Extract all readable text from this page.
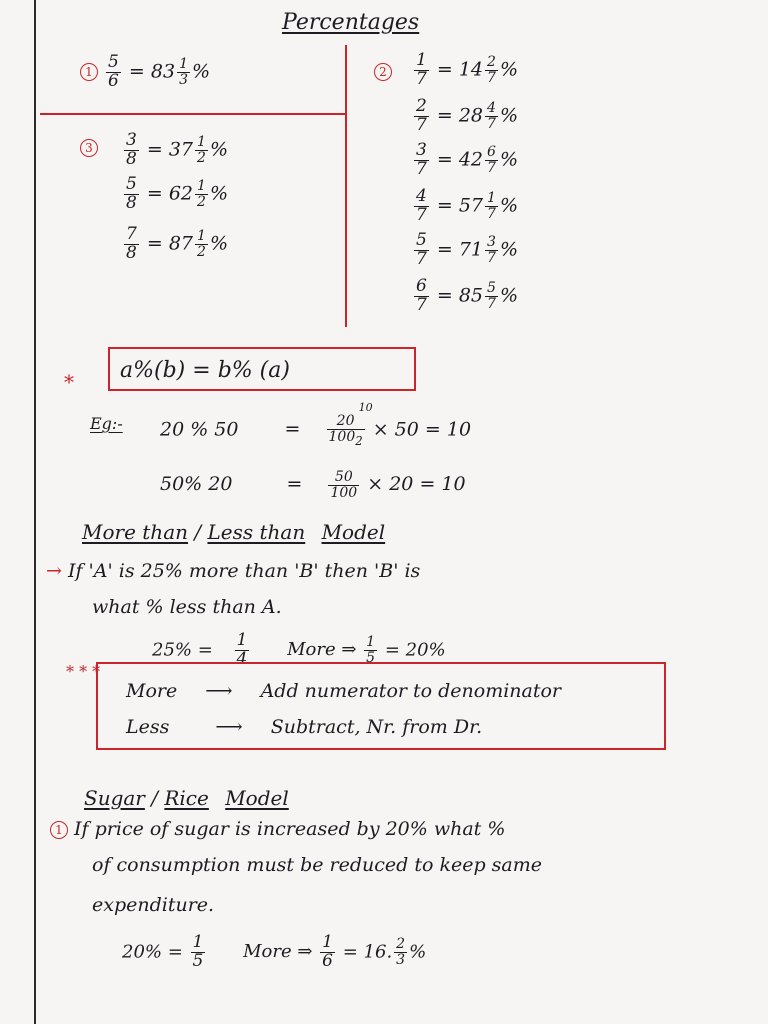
Percentages
$1 \frac{5}{6} = 83 \frac{1}{3}$ %	2	$\frac{1}{7} = 14 \frac{2}{7}$ %
$\frac{2}{7} = 28 \frac{4}{7}$ %
$\frac{3}{7} = 42 \frac{6}{7}$ %
$\frac{4}{7} = 57 \frac{1}{7}$ %
$\frac{5}{7} = 71 \frac{3}{7}$ %
$\frac{6}{7} = 85 \frac{5}{7}$ %
3	$\frac{3}{8} = 37 \frac{1}{2}$ %
$\frac{5}{8} = 62 \frac{1}{2}$ %
$\frac{7}{8} = 87 \frac{1}{2}$ %
* a%(b) = b% (a)
Eg:- 20 % 50 =
10
20
$100_2$
× 50 = 10
50% 20	= $\frac{50}{100} \times 20 = 10$
More than / Less than Model
→ If 'A' is 25% more than 'B' then 'B' is
what % less than A.
$25\% = \frac{1}{4}$ More ⇒ $\frac{1}{5} = 20\%$
* * *
More ⟶ Add numerator to denominator
Less ⟶ Subtract, Nr. from Dr.
Sugar / Rice Model
1 If price of sugar is increased by 20% what %
of consumption must be reduced to keep same
expenditure.
$20\% = \frac{1}{5}$ More ⇒ $\frac{1}{6} = 16$. $\frac{2}{3}$ %
